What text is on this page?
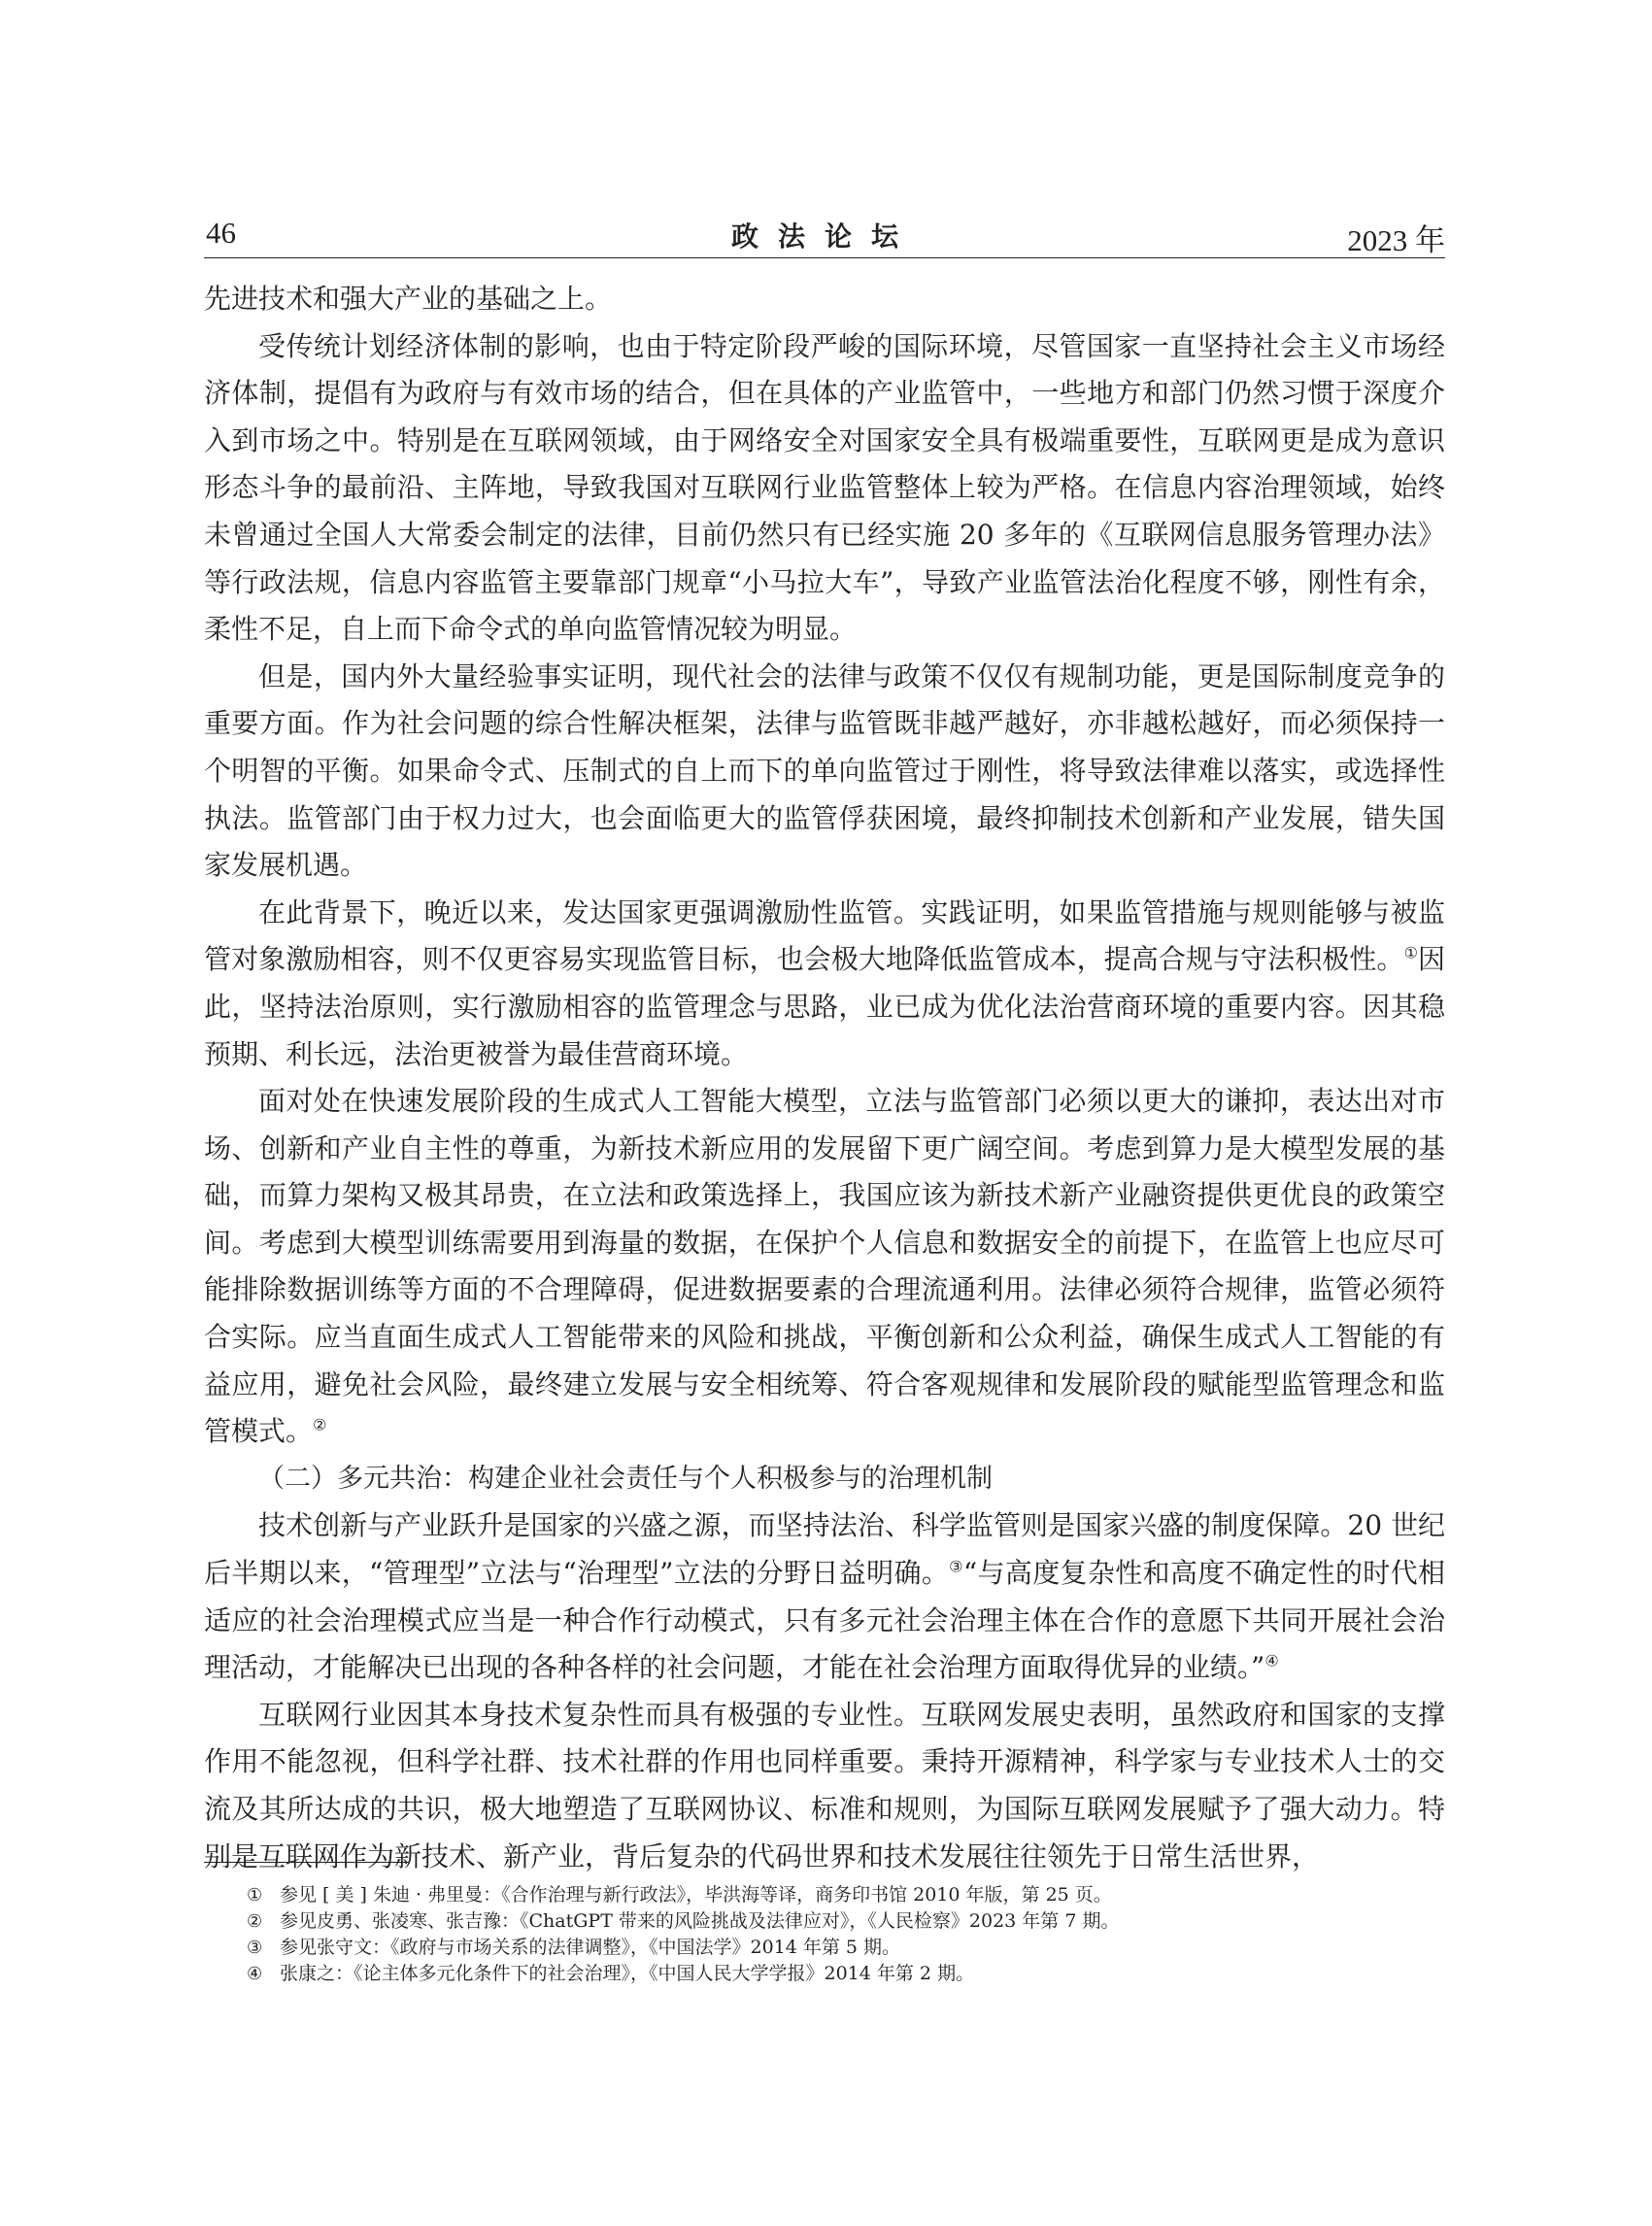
46	政法论坛	2023 年

先进技术和强大产业的基础之上。

受传统计划经济体制的影响，也由于特定阶段严峻的国际环境，尽管国家一直坚持社会主义市场经济体制，提倡有为政府与有效市场的结合，但在具体的产业监管中，一些地方和部门仍然习惯于深度介入到市场之中。特别是在互联网领域，由于网络安全对国家安全具有极端重要性，互联网更是成为意识形态斗争的最前沿、主阵地，导致我国对互联网行业监管整体上较为严格。在信息内容治理领域，始终未曾通过全国人大常委会制定的法律，目前仍然只有已经实施 20 多年的《互联网信息服务管理办法》等行政法规，信息内容监管主要靠部门规章“小马拉大车”，导致产业监管法治化程度不够，刚性有余，柔性不足，自上而下命令式的单向监管情况较为明显。

但是，国内外大量经验事实证明，现代社会的法律与政策不仅仅有规制功能，更是国际制度竞争的重要方面。作为社会问题的综合性解决框架，法律与监管既非越严越好，亦非越松越好，而必须保持一个明智的平衡。如果命令式、压制式的自上而下的单向监管过于刚性，将导致法律难以落实，或选择性执法。监管部门由于权力过大，也会面临更大的监管俘获困境，最终抑制技术创新和产业发展，错失国家发展机遇。

在此背景下，晚近以来，发达国家更强调激励性监管。实践证明，如果监管措施与规则能够与被监管对象激励相容，则不仅更容易实现监管目标，也会极大地降低监管成本，提高合规与守法积极性。①因此，坚持法治原则，实行激励相容的监管理念与思路，业已成为优化法治营商环境的重要内容。因其稳预期、利长远，法治更被誉为最佳营商环境。

面对处在快速发展阶段的生成式人工智能大模型，立法与监管部门必须以更大的谦抑，表达出对市场、创新和产业自主性的尊重，为新技术新应用的发展留下更广阔空间。考虑到算力是大模型发展的基础，而算力架构又极其昂贵，在立法和政策选择上，我国应该为新技术新产业融资提供更优良的政策空间。考虑到大模型训练需要用到海量的数据，在保护个人信息和数据安全的前提下，在监管上也应尽可能排除数据训练等方面的不合理障碍，促进数据要素的合理流通利用。法律必须符合规律，监管必须符合实际。应当直面生成式人工智能带来的风险和挑战，平衡创新和公众利益，确保生成式人工智能的有益应用，避免社会风险，最终建立发展与安全相统筹、符合客观规律和发展阶段的赋能型监管理念和监管模式。②

（二）多元共治：构建企业社会责任与个人积极参与的治理机制

技术创新与产业跃升是国家的兴盛之源，而坚持法治、科学监管则是国家兴盛的制度保障。20 世纪后半期以来，“管理型”立法与“治理型”立法的分野日益明确。③“与高度复杂性和高度不确定性的时代相适应的社会治理模式应当是一种合作行动模式，只有多元社会治理主体在合作的意愿下共同开展社会治理活动，才能解决已出现的各种各样的社会问题，才能在社会治理方面取得优异的业绩。”④

互联网行业因其本身技术复杂性而具有极强的专业性。互联网发展史表明，虽然政府和国家的支撑作用不能忽视，但科学社群、技术社群的作用也同样重要。秉持开源精神，科学家与专业技术人士的交流及其所达成的共识，极大地塑造了互联网协议、标准和规则，为国际互联网发展赋予了强大动力。特别是互联网作为新技术、新产业，背后复杂的代码世界和技术发展往往领先于日常生活世界，

① 参见 [ 美 ] 朱迪 · 弗里曼：《合作治理与新行政法》，毕洪海等译，商务印书馆 2010 年版，第 25 页。
② 参见皮勇、张凌寒、张吉豫：《ChatGPT 带来的风险挑战及法律应对》，《人民检察》2023 年第 7 期。
③ 参见张守文：《政府与市场关系的法律调整》，《中国法学》2014 年第 5 期。
④ 张康之：《论主体多元化条件下的社会治理》，《中国人民大学学报》2014 年第 2 期。
